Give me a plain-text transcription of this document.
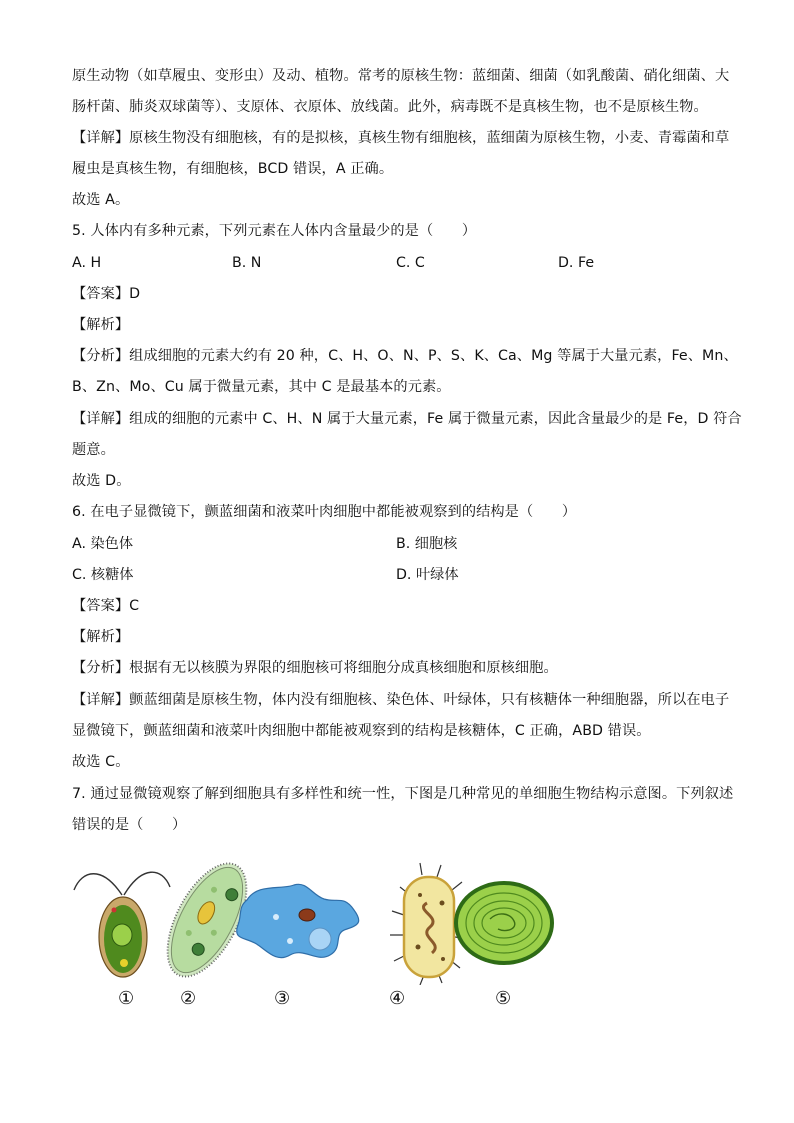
原生动物（如草履虫、变形虫）及动、植物。常考的原核生物：蓝细菌、细菌（如乳酸菌、硝化细菌、大
肠杆菌、肺炎双球菌等）、支原体、衣原体、放线菌。此外，病毒既不是真核生物，也不是原核生物。
【详解】原核生物没有细胞核，有的是拟核，真核生物有细胞核，蓝细菌为原核生物，小麦、青霉菌和草
履虫是真核生物，有细胞核，BCD 错误，A 正确。
故选 A。
5. 人体内有多种元素，下列元素在人体内含量最少的是（　　）
A. H	B. N	C. C	D. Fe
【答案】D
【解析】
【分析】组成细胞的元素大约有 20 种，C、H、O、N、P、S、K、Ca、Mg 等属于大量元素，Fe、Mn、
B、Zn、Mo、Cu 属于微量元素，其中 C 是最基本的元素。
【详解】组成的细胞的元素中 C、H、N 属于大量元素，Fe 属于微量元素，因此含量最少的是 Fe，D 符合
题意。
故选 D。
6. 在电子显微镜下，颤蓝细菌和液菜叶肉细胞中都能被观察到的结构是（　　）
A. 染色体	B. 细胞核
C. 核糖体	D. 叶绿体
【答案】C
【解析】
【分析】根据有无以核膜为界限的细胞核可将细胞分成真核细胞和原核细胞。
【详解】颤蓝细菌是原核生物，体内没有细胞核、染色体、叶绿体，只有核糖体一种细胞器，所以在电子
显微镜下，颤蓝细菌和液菜叶肉细胞中都能被观察到的结构是核糖体，C 正确，ABD 错误。
故选 C。
7. 通过显微镜观察了解到细胞具有多样性和统一性，下图是几种常见的单细胞生物结构示意图。下列叙述
错误的是（　　）
①	②	③	④	⑤
